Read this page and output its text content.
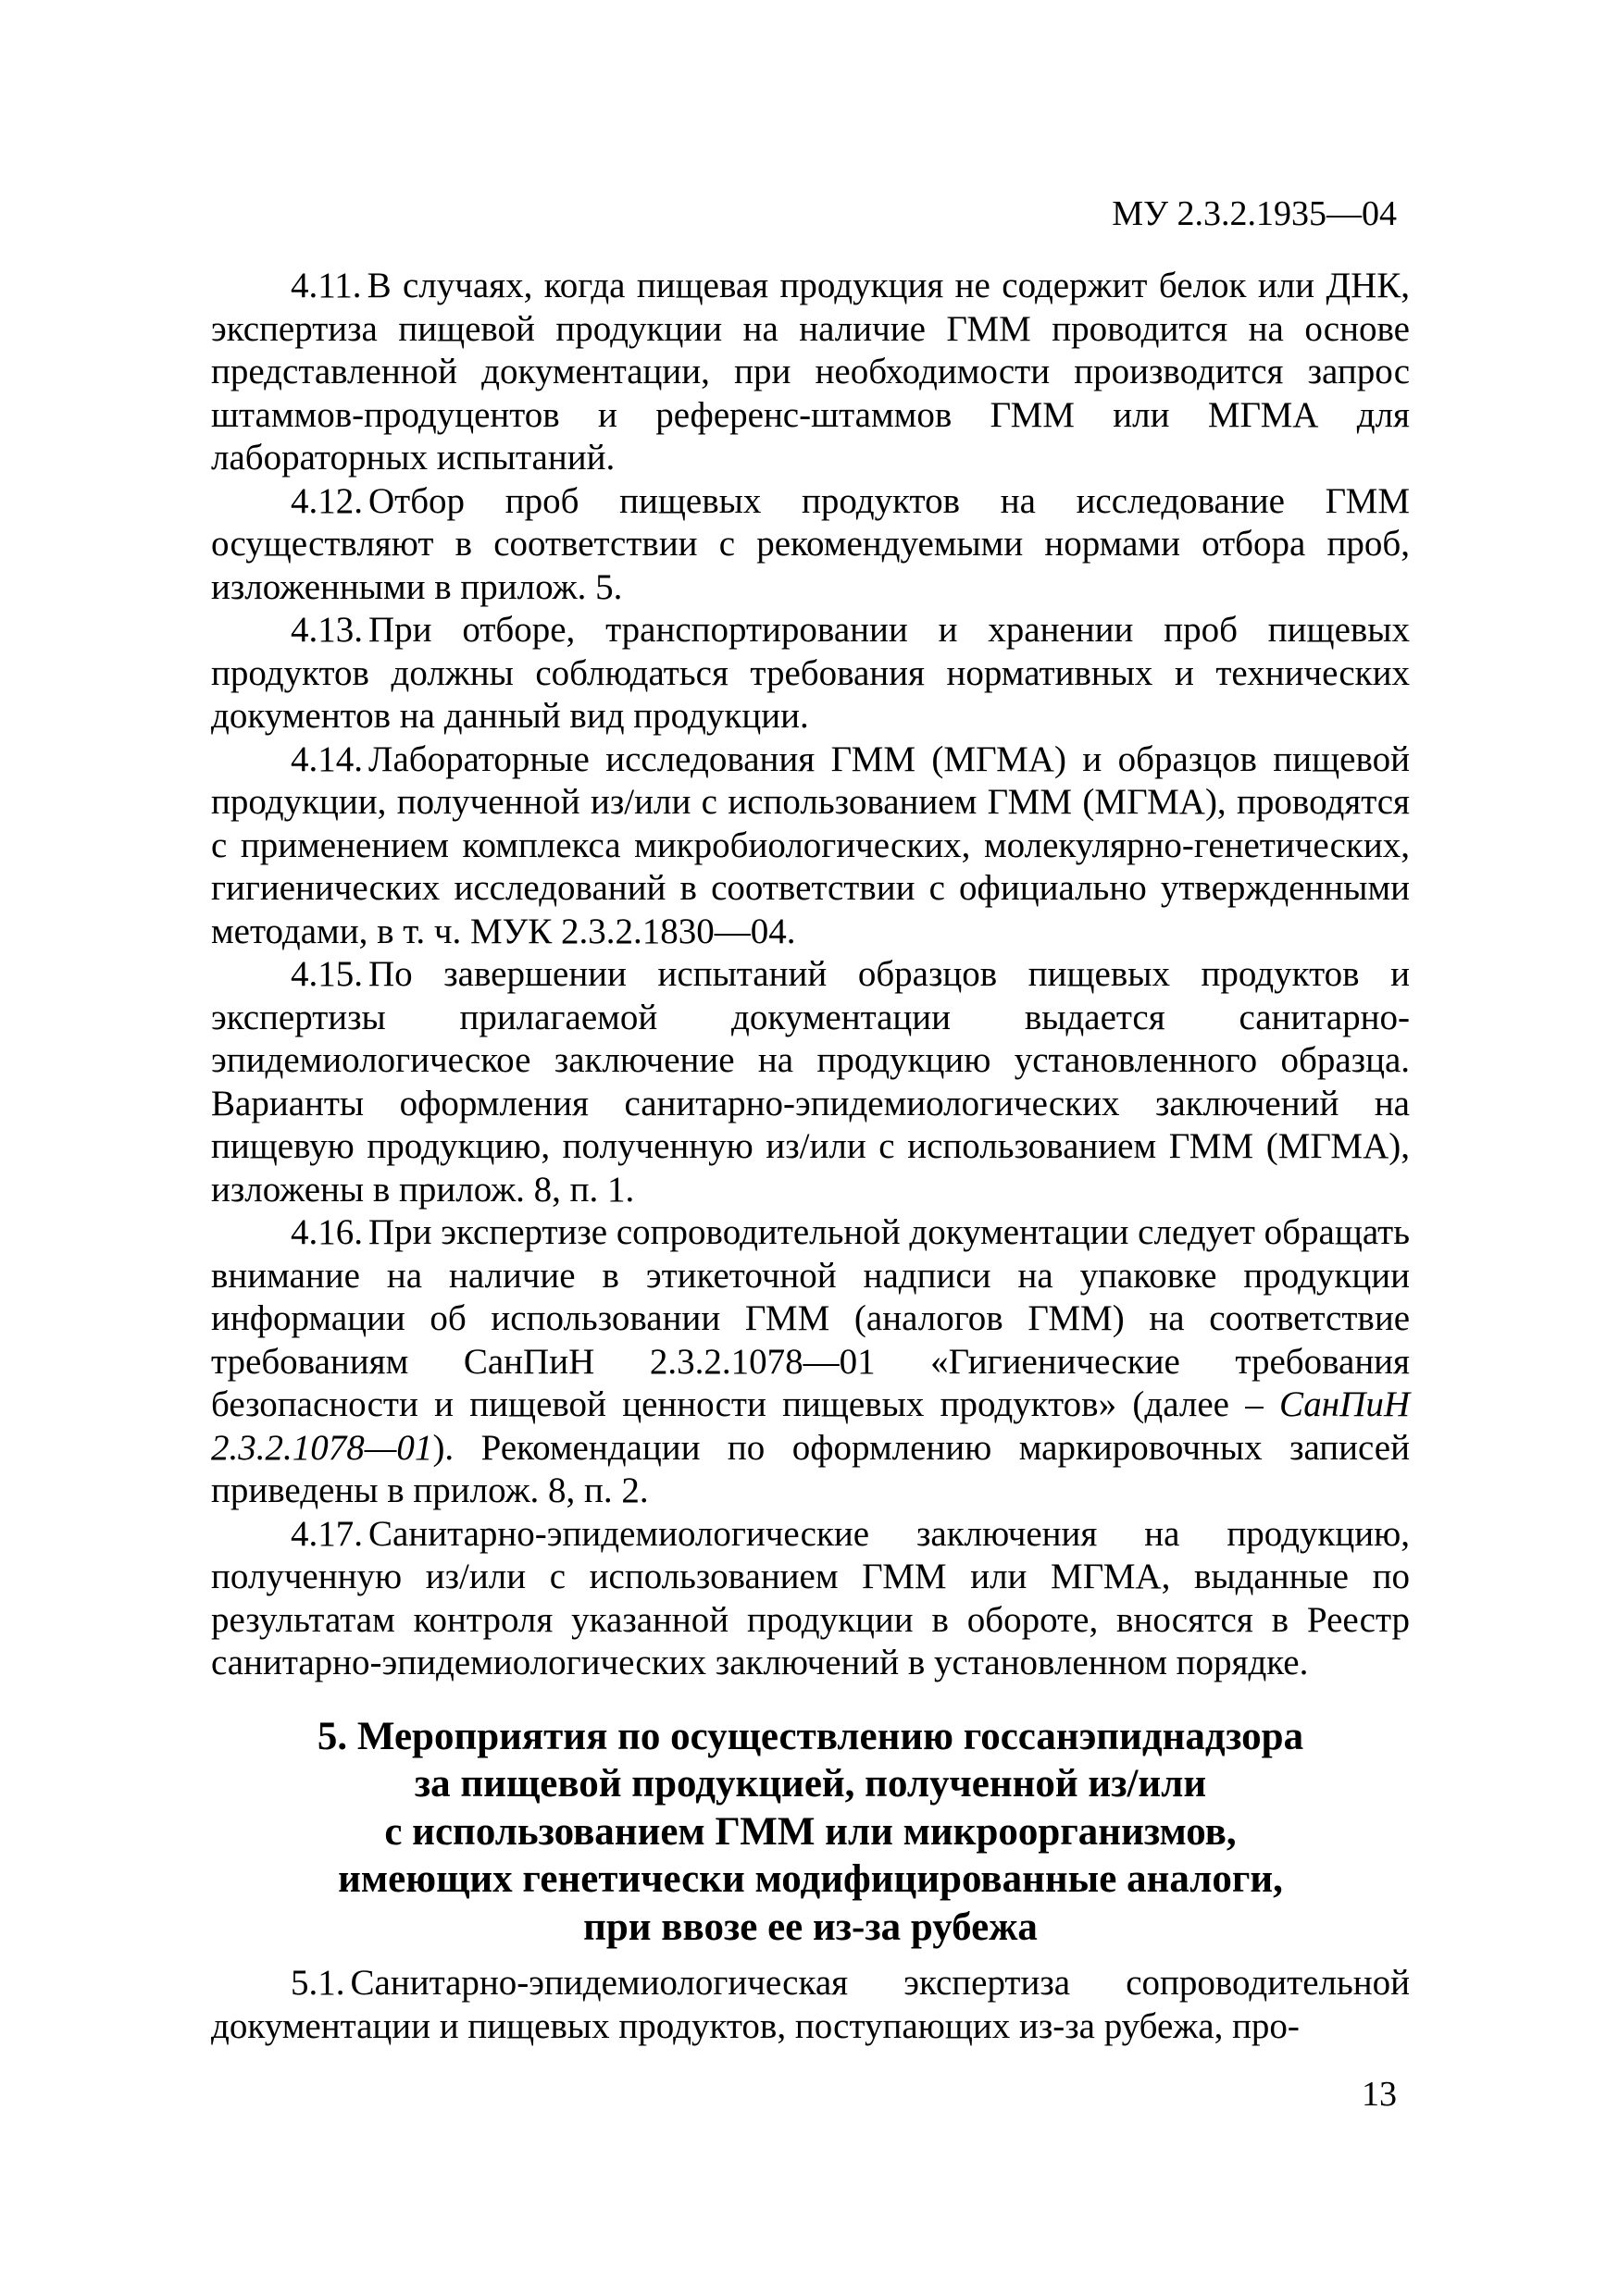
МУ 2.3.2.1935—04

4.11. В случаях, когда пищевая продукция не содержит белок или ДНК, экспертиза пищевой продукции на наличие ГММ проводится на основе представленной документации, при необходимости производится запрос штаммов-продуцентов и референс-штаммов ГММ или МГМА для лабораторных испытаний.

4.12. Отбор проб пищевых продуктов на исследование ГММ осуществляют в соответствии с рекомендуемыми нормами отбора проб, изложенными в прилож. 5.

4.13. При отборе, транспортировании и хранении проб пищевых продуктов должны соблюдаться требования нормативных и технических документов на данный вид продукции.

4.14. Лабораторные исследования ГММ (МГМА) и образцов пищевой продукции, полученной из/или с использованием ГММ (МГМА), проводятся с применением комплекса микробиологических, молекулярно-генетических, гигиенических исследований в соответствии с официально утвержденными методами, в т. ч. МУК 2.3.2.1830—04.

4.15. По завершении испытаний образцов пищевых продуктов и экспертизы прилагаемой документации выдается санитарно-эпидемиологическое заключение на продукцию установленного образца. Варианты оформления санитарно-эпидемиологических заключений на пищевую продукцию, полученную из/или с использованием ГММ (МГМА), изложены в прилож. 8, п. 1.

4.16. При экспертизе сопроводительной документации следует обращать внимание на наличие в этикеточной надписи на упаковке продукции информации об использовании ГММ (аналогов ГММ) на соответствие требованиям СанПиН 2.3.2.1078—01 «Гигиенические требования безопасности и пищевой ценности пищевых продуктов» (далее – СанПиН 2.3.2.1078—01). Рекомендации по оформлению маркировочных записей приведены в прилож. 8, п. 2.

4.17. Санитарно-эпидемиологические заключения на продукцию, полученную из/или с использованием ГММ или МГМА, выданные по результатам контроля указанной продукции в обороте, вносятся в Реестр санитарно-эпидемиологических заключений в установленном порядке.

5. Мероприятия по осуществлению госсанэпиднадзора
за пищевой продукцией, полученной из/или
с использованием ГММ или микроорганизмов,
имеющих генетически модифицированные аналоги,
при ввозе ее из-за рубежа

5.1. Санитарно-эпидемиологическая экспертиза сопроводительной документации и пищевых продуктов, поступающих из-за рубежа, про-

13
